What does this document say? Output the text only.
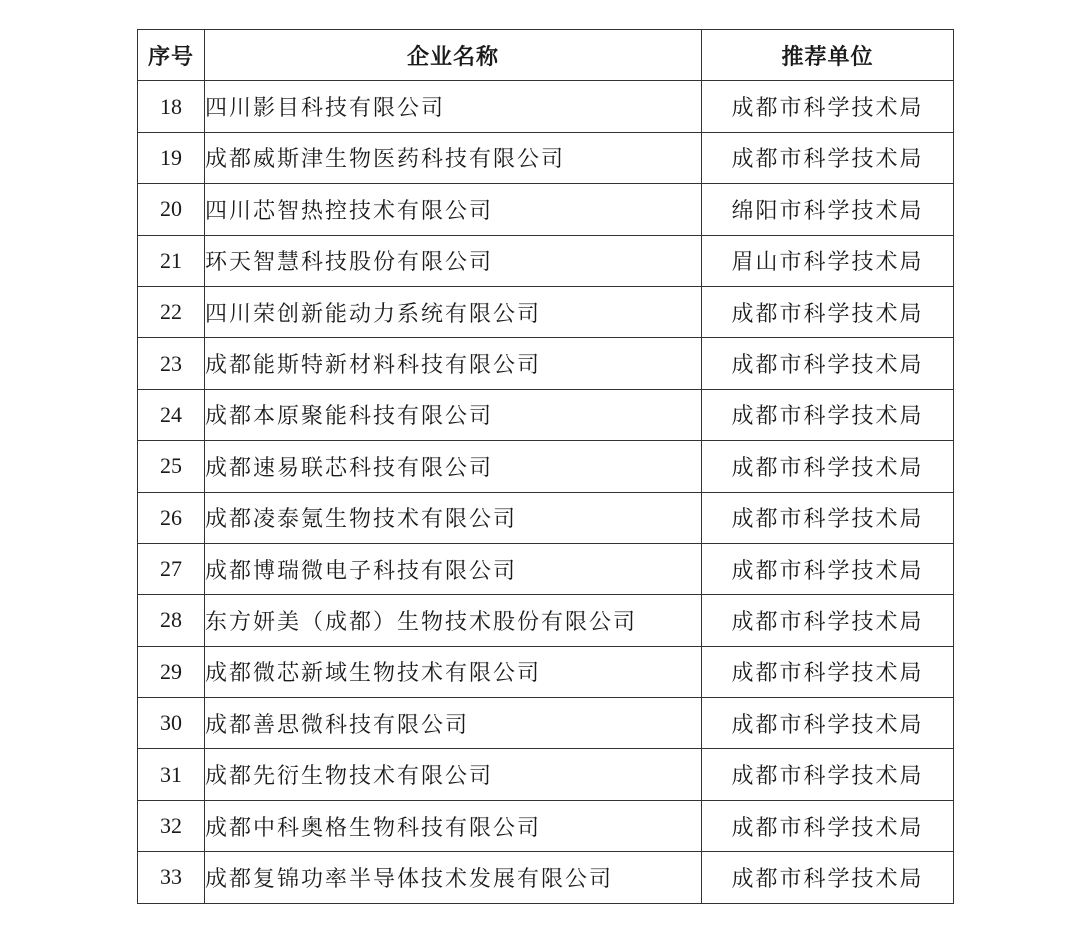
序号	企业名称	推荐单位
18	四川影目科技有限公司	成都市科学技术局
19	成都威斯津生物医药科技有限公司	成都市科学技术局
20	四川芯智热控技术有限公司	绵阳市科学技术局
21	环天智慧科技股份有限公司	眉山市科学技术局
22	四川荣创新能动力系统有限公司	成都市科学技术局
23	成都能斯特新材料科技有限公司	成都市科学技术局
24	成都本原聚能科技有限公司	成都市科学技术局
25	成都速易联芯科技有限公司	成都市科学技术局
26	成都凌泰氪生物技术有限公司	成都市科学技术局
27	成都博瑞微电子科技有限公司	成都市科学技术局
28	东方妍美（成都）生物技术股份有限公司	成都市科学技术局
29	成都微芯新域生物技术有限公司	成都市科学技术局
30	成都善思微科技有限公司	成都市科学技术局
31	成都先衍生物技术有限公司	成都市科学技术局
32	成都中科奥格生物科技有限公司	成都市科学技术局
33	成都复锦功率半导体技术发展有限公司	成都市科学技术局
